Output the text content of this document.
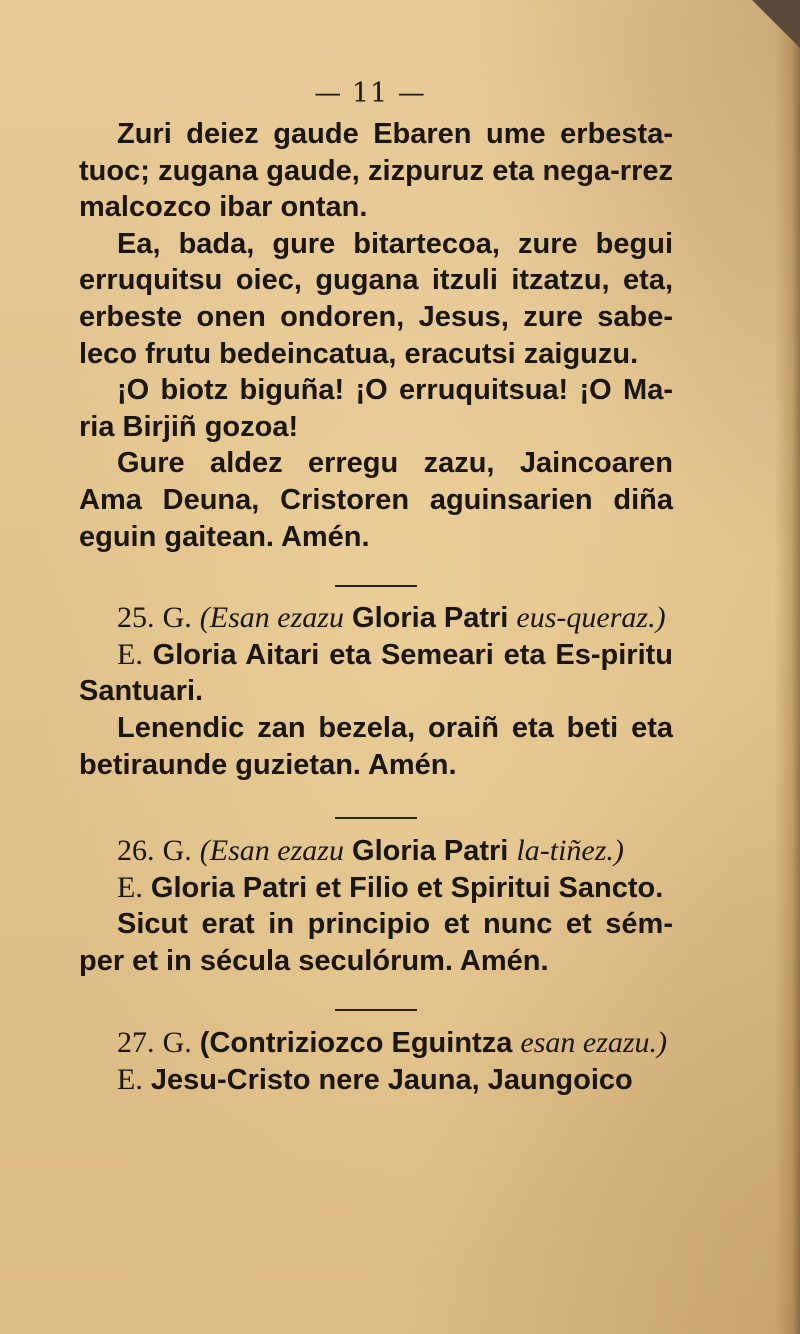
— 11 —

Zuri deiez gaude Ebaren ume erbesta-tuoc; zugana gaude, zizpuruz eta nega-rrez malcozco ibar ontan.

Ea, bada, gure bitartecoa, zure begui erruquitsu oiec, gugana itzuli itzatzu, eta, erbeste onen ondoren, Jesus, zure sabe-leco frutu bedeincatua, eracutsi zaiguzu.

¡O biotz biguña! ¡O erruquitsua! ¡O Ma-ria Birjiñ gozoa!

Gure aldez erregu zazu, Jaincoaren Ama Deuna, Cristoren aguinsarien diña eguin gaitean. Amén.

25. G. (Esan ezazu Gloria Patri eus-queraz.)

E. Gloria Aitari eta Semeari eta Es-piritu Santuari.

Lenendic zan bezela, oraiñ eta beti eta betiraunde guzietan. Amén.

26. G. (Esan ezazu Gloria Patri la-tiñez.)

E. Gloria Patri et Filio et Spiritui Sancto.

Sicut erat in principio et nunc et sém-per et in sécula seculórum. Amén.

27. G. (Contriziozco Eguintza esan ezazu.)

E. Jesu-Cristo nere Jauna, Jaungoico
